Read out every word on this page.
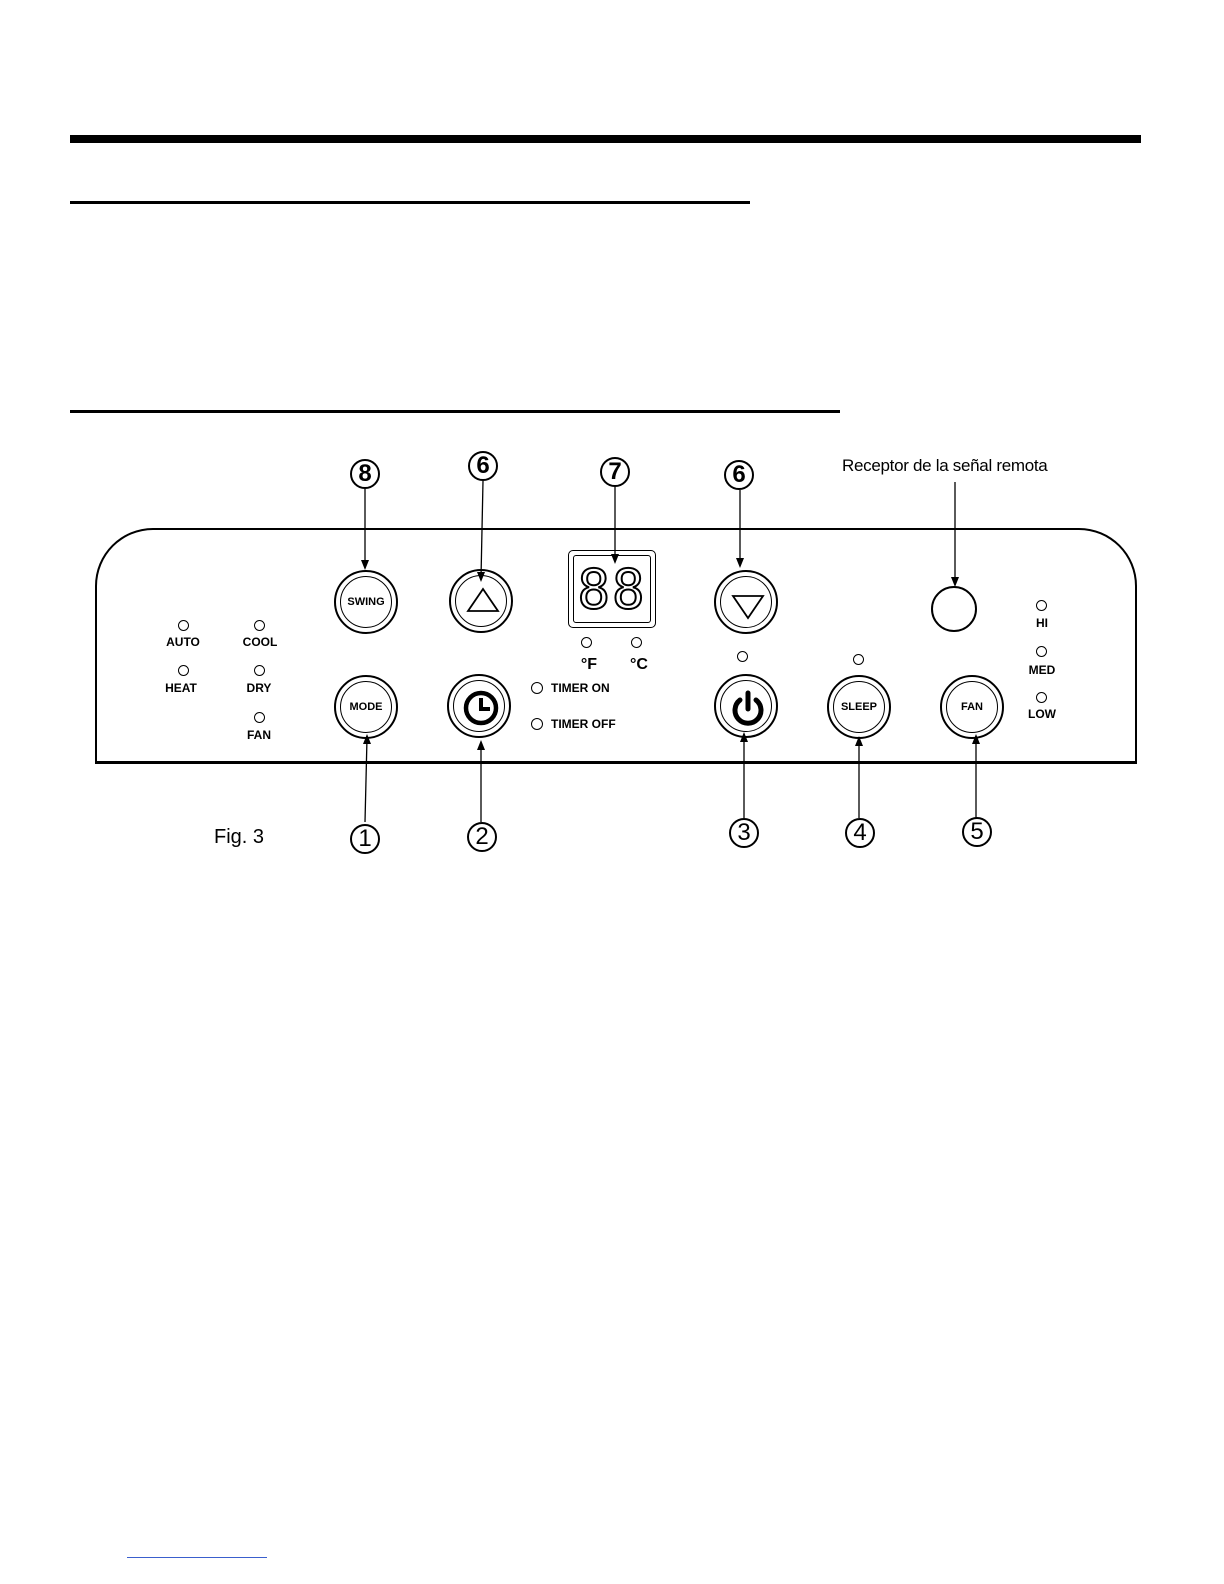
Receptor de la señal remota
8	6	7	6
AUTO	COOL
HEAT	DRY
FAN
SWING
MODE
88
°F	°C
TIMER ON
TIMER OFF
SLEEP	FAN
HI
MED
LOW
Fig. 3	1	2	3	4	5
